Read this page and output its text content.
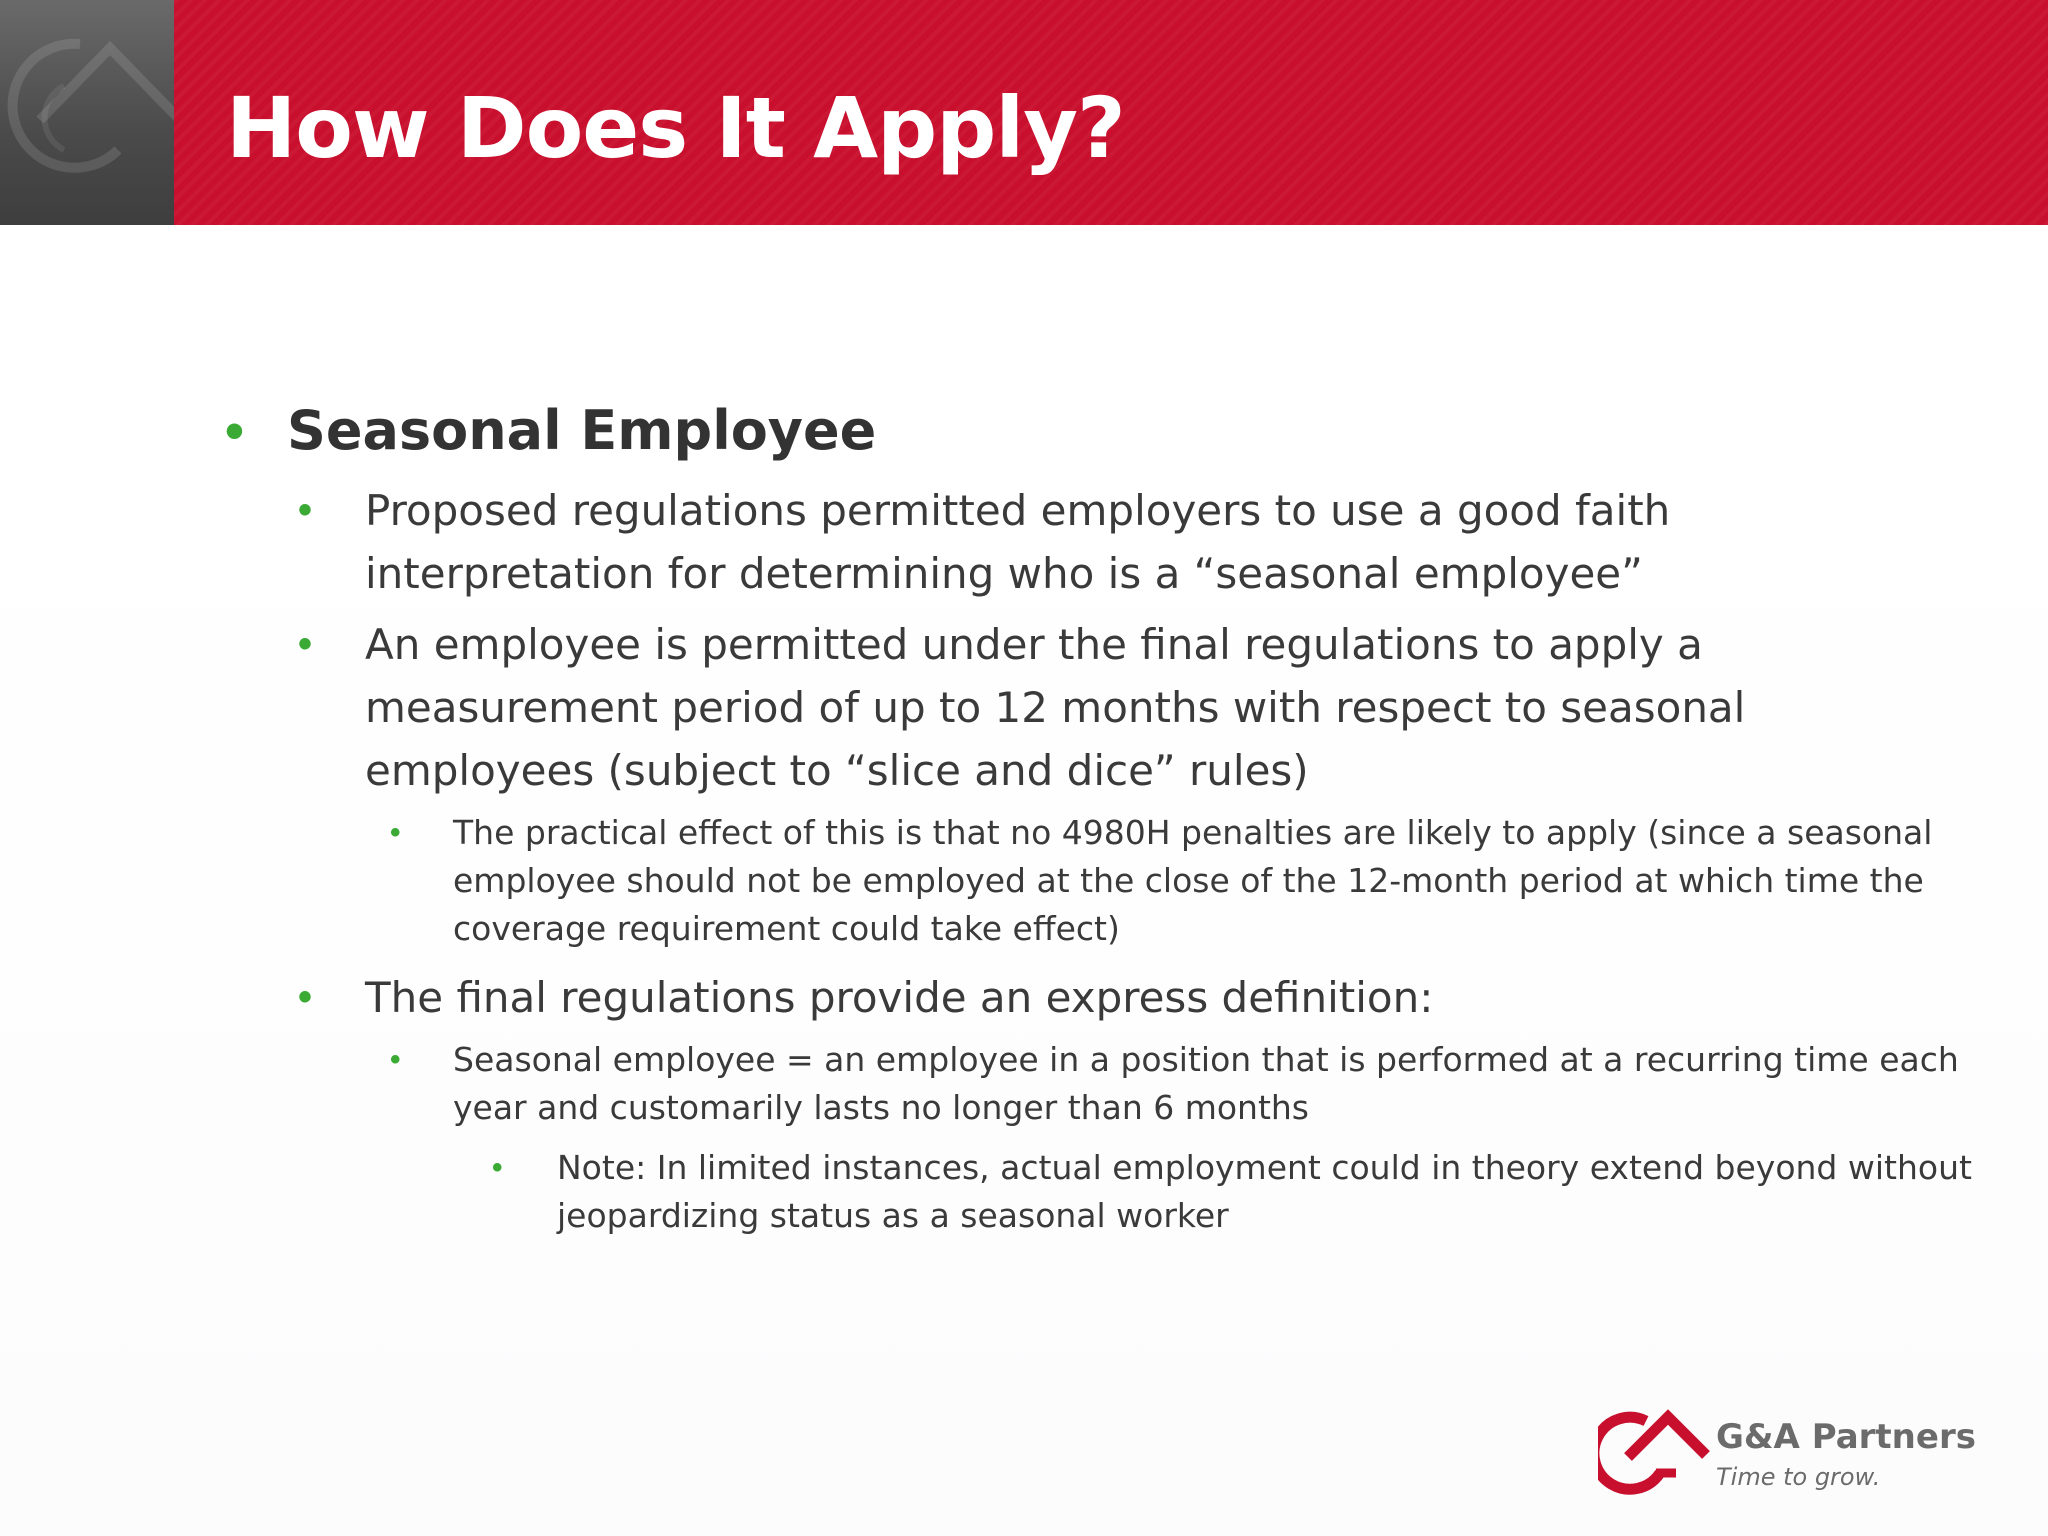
How Does It Apply?
• Seasonal Employee
• Proposed regulations permitted employers to use a good faith
interpretation for determining who is a “seasonal employee”
• An employee is permitted under the final regulations to apply a
measurement period of up to 12 months with respect to seasonal
employees (subject to “slice and dice” rules)
• The practical effect of this is that no 4980H penalties are likely to apply (since a seasonal
employee should not be employed at the close of the 12-month period at which time the
coverage requirement could take effect)
• The final regulations provide an express definition:
• Seasonal employee = an employee in a position that is performed at a recurring time each
year and customarily lasts no longer than 6 months
• Note: In limited instances, actual employment could in theory extend beyond without
jeopardizing status as a seasonal worker
G&A Partners
Time to grow.
